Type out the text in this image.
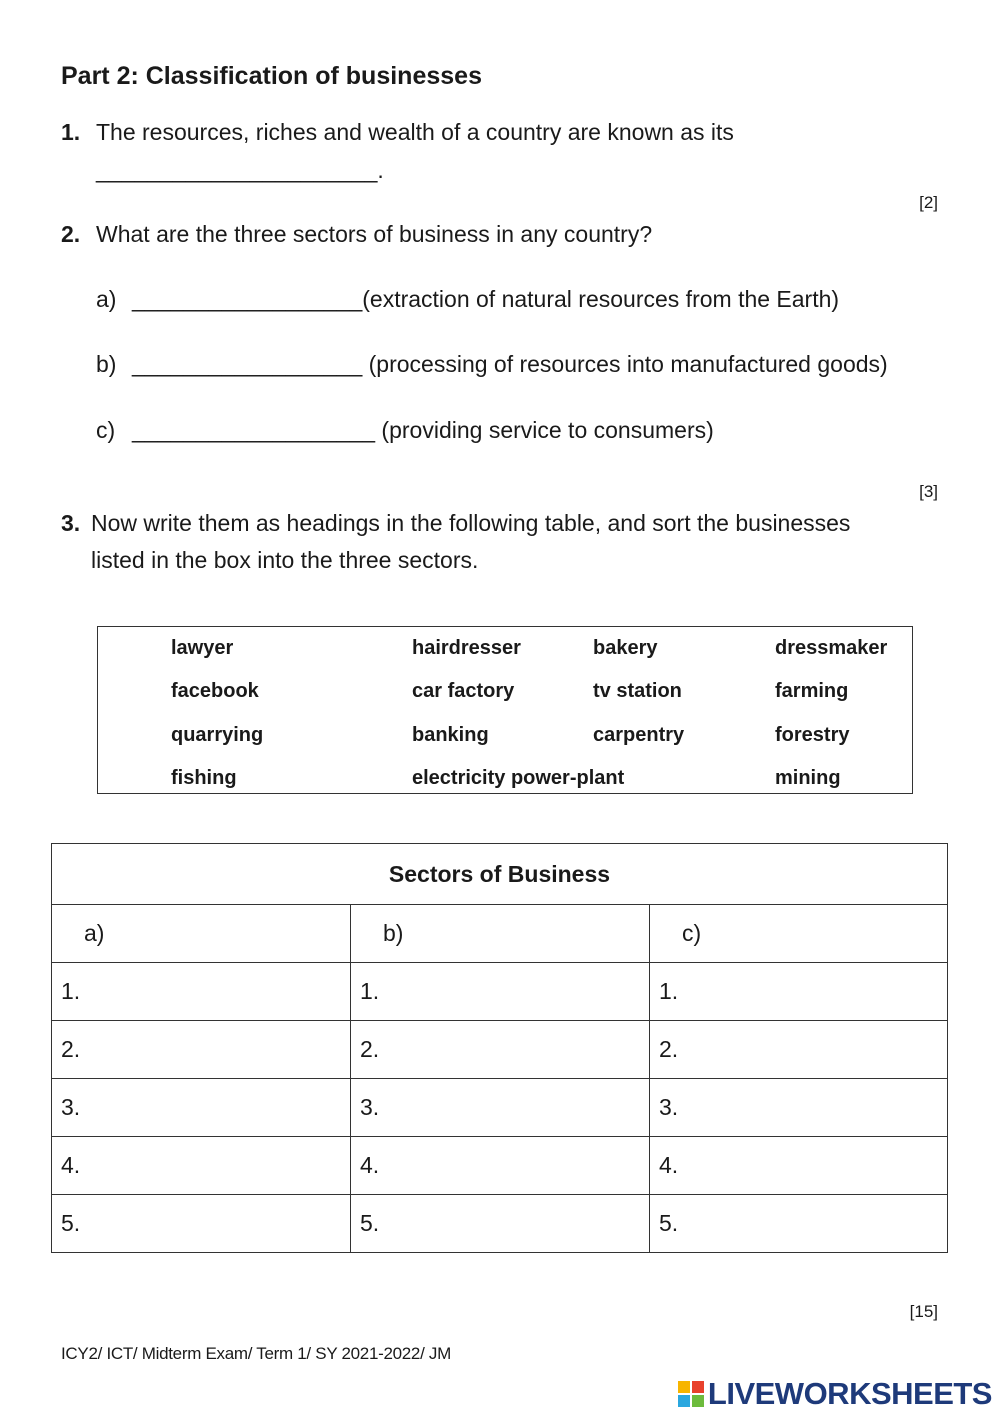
Part 2: Classification of businesses
1. The resources, riches and wealth of a country are known as its
______________________.
[2]
2. What are the three sectors of business in any country?
a) __________________(extraction of natural resources from the Earth)
b) __________________ (processing of resources into manufactured goods)
c) ___________________ (providing service to consumers)
[3]
3. Now write them as headings in the following table, and sort the businesses
listed in the box into the three sectors.
lawyer	hairdresser	bakery	dressmaker
facebook	car factory	tv station	farming
quarrying	banking	carpentry	forestry
fishing	electricity power-plant	mining
Sectors of Business		
a)	b)	c)
1.	1.	1.
2.	2.	2.
3.	3.	3.
4.	4.	4.
5.	5.	5.
[15]
ICY2/ ICT/ Midterm Exam/ Term 1/ SY 2021-2022/ JM
LIVEWORKSHEETS
